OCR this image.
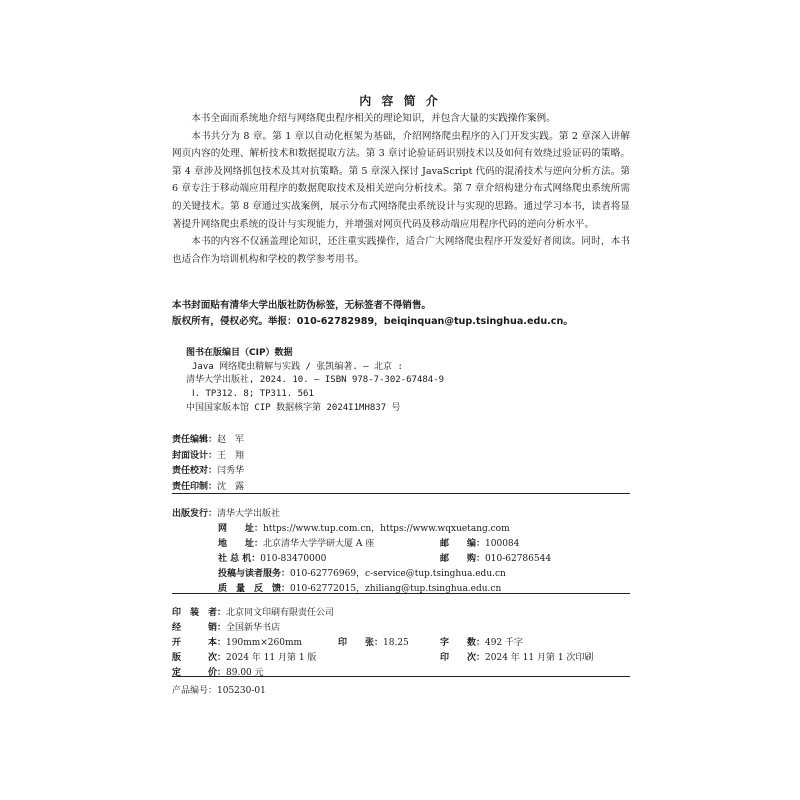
内 容 简 介

本书全面而系统地介绍与网络爬虫程序相关的理论知识，并包含大量的实践操作案例。

本书共分为 8 章。第 1 章以自动化框架为基础，介绍网络爬虫程序的入门开发实践。第 2 章深入讲解网页内容的处理、解析技术和数据提取方法。第 3 章讨论验证码识别技术以及如何有效绕过验证码的策略。第 4 章涉及网络抓包技术及其对抗策略。第 5 章深入探讨 JavaScript 代码的混淆技术与逆向分析方法。第 6 章专注于移动端应用程序的数据爬取技术及相关逆向分析技术。第 7 章介绍构建分布式网络爬虫系统所需的关键技术。第 8 章通过实战案例，展示分布式网络爬虫系统设计与实现的思路。通过学习本书，读者将显著提升网络爬虫系统的设计与实现能力，并增强对网页代码及移动端应用程序代码的逆向分析水平。

本书的内容不仅涵盖理论知识，还注重实践操作，适合广大网络爬虫程序开发爱好者阅读。同时，本书也适合作为培训机构和学校的教学参考用书。

本书封面贴有清华大学出版社防伪标签，无标签者不得销售。
版权所有，侵权必究。举报：010-62782989，beiqinquan@tup.tsinghua.edu.cn。
图书在版编目（CIP）数据
Java 网络爬虫精解与实践 / 张凯编著. — 北京 :
清华大学出版社, 2024. 10. — ISBN 978-7-302-67484-9
Ⅰ. TP312. 8; TP311. 561
中国国家版本馆 CIP 数据核字第 2024I1MH837 号
责任编辑：赵　军
封面设计：王　翔
责任校对：闫秀华
责任印制：沈　露
出版发行：清华大学出版社
网　　址：https://www.tup.com.cn，https://www.wqxuetang.com
地　　址：北京清华大学学研大厦 A 座	邮　　编：100084
社 总 机：010-83470000	邮　　购：010-62786544
投稿与读者服务：010-62776969，c-service@tup.tsinghua.edu.cn
质　量　反　馈：010-62772015，zhiliang@tup.tsinghua.edu.cn
印　装　者：北京同文印刷有限责任公司
经　　　销：全国新华书店
开　　　本：190mm×260mm	印　　张：18.25	字　　数：492 千字
版　　　次：2024 年 11 月第 1 版	印　　次：2024 年 11 月第 1 次印刷
定　　　价：89.00 元
产品编号：105230-01
